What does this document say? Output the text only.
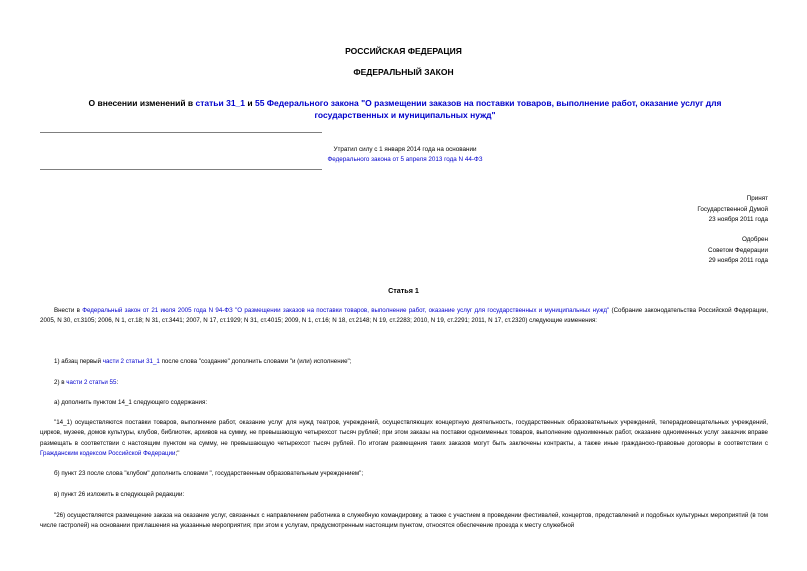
РОССИЙСКАЯ ФЕДЕРАЦИЯ
ФЕДЕРАЛЬНЫЙ ЗАКОН
О внесении изменений в статьи 31_1 и 55 Федерального закона "О размещении заказов на поставки товаров, выполнение работ, оказание услуг для государственных и муниципальных нужд"
Утратил силу с 1 января 2014 года на основании
Федерального закона от 5 апреля 2013 года N 44-ФЗ
Принят
Государственной Думой
23 ноября 2011 года
Одобрен
Советом Федерации
29 ноября 2011 года
Статья 1
Внести в Федеральный закон от 21 июля 2005 года N 94-ФЗ "О размещении заказов на поставки товаров, выполнение работ, оказание услуг для государственных и муниципальных нужд" (Собрание законодательства Российской Федерации, 2005, N 30, ст.3105; 2006, N 1, ст.18; N 31, ст.3441; 2007, N 17, ст.1929; N 31, ст.4015; 2009, N 1, ст.16; N 18, ст.2148; N 19, ст.2283; 2010, N 19, ст.2291; 2011, N 17, ст.2320) следующие изменения:
1) абзац первый части 2 статьи 31_1 после слова "создание" дополнить словами "и (или) исполнение";
2) в части 2 статьи 55:
а) дополнить пунктом 14_1 следующего содержания:
"14_1) осуществляются поставки товаров, выполнение работ, оказание услуг для нужд театров, учреждений, осуществляющих концертную деятельность, государственных образовательных учреждений, телерадиовещательных учреждений, цирков, музеев, домов культуры, клубов, библиотек, архивов на сумму, не превышающую четырехсот тысяч рублей; при этом заказы на поставки одноименных товаров, выполнение одноименных работ, оказание одноименных услуг заказчик вправе размещать в соответствии с настоящим пунктом на сумму, не превышающую четырехсот тысяч рублей. По итогам размещения таких заказов могут быть заключены контракты, а также иные гражданско-правовые договоры в соответствии с Гражданским кодексом Российской Федерации;"
б) пункт 23 после слова "клубом" дополнить словами ", государственным образовательным учреждением";
в) пункт 26 изложить в следующей редакции:
"26) осуществляется размещение заказа на оказание услуг, связанных с направлением работника в служебную командировку, а также с участием в проведении фестивалей, концертов, представлений и подобных культурных мероприятий (в том числе гастролей) на основании приглашения на указанные мероприятия; при этом к услугам, предусмотренным настоящим пунктом, относятся обеспечение проезда к месту служебной
